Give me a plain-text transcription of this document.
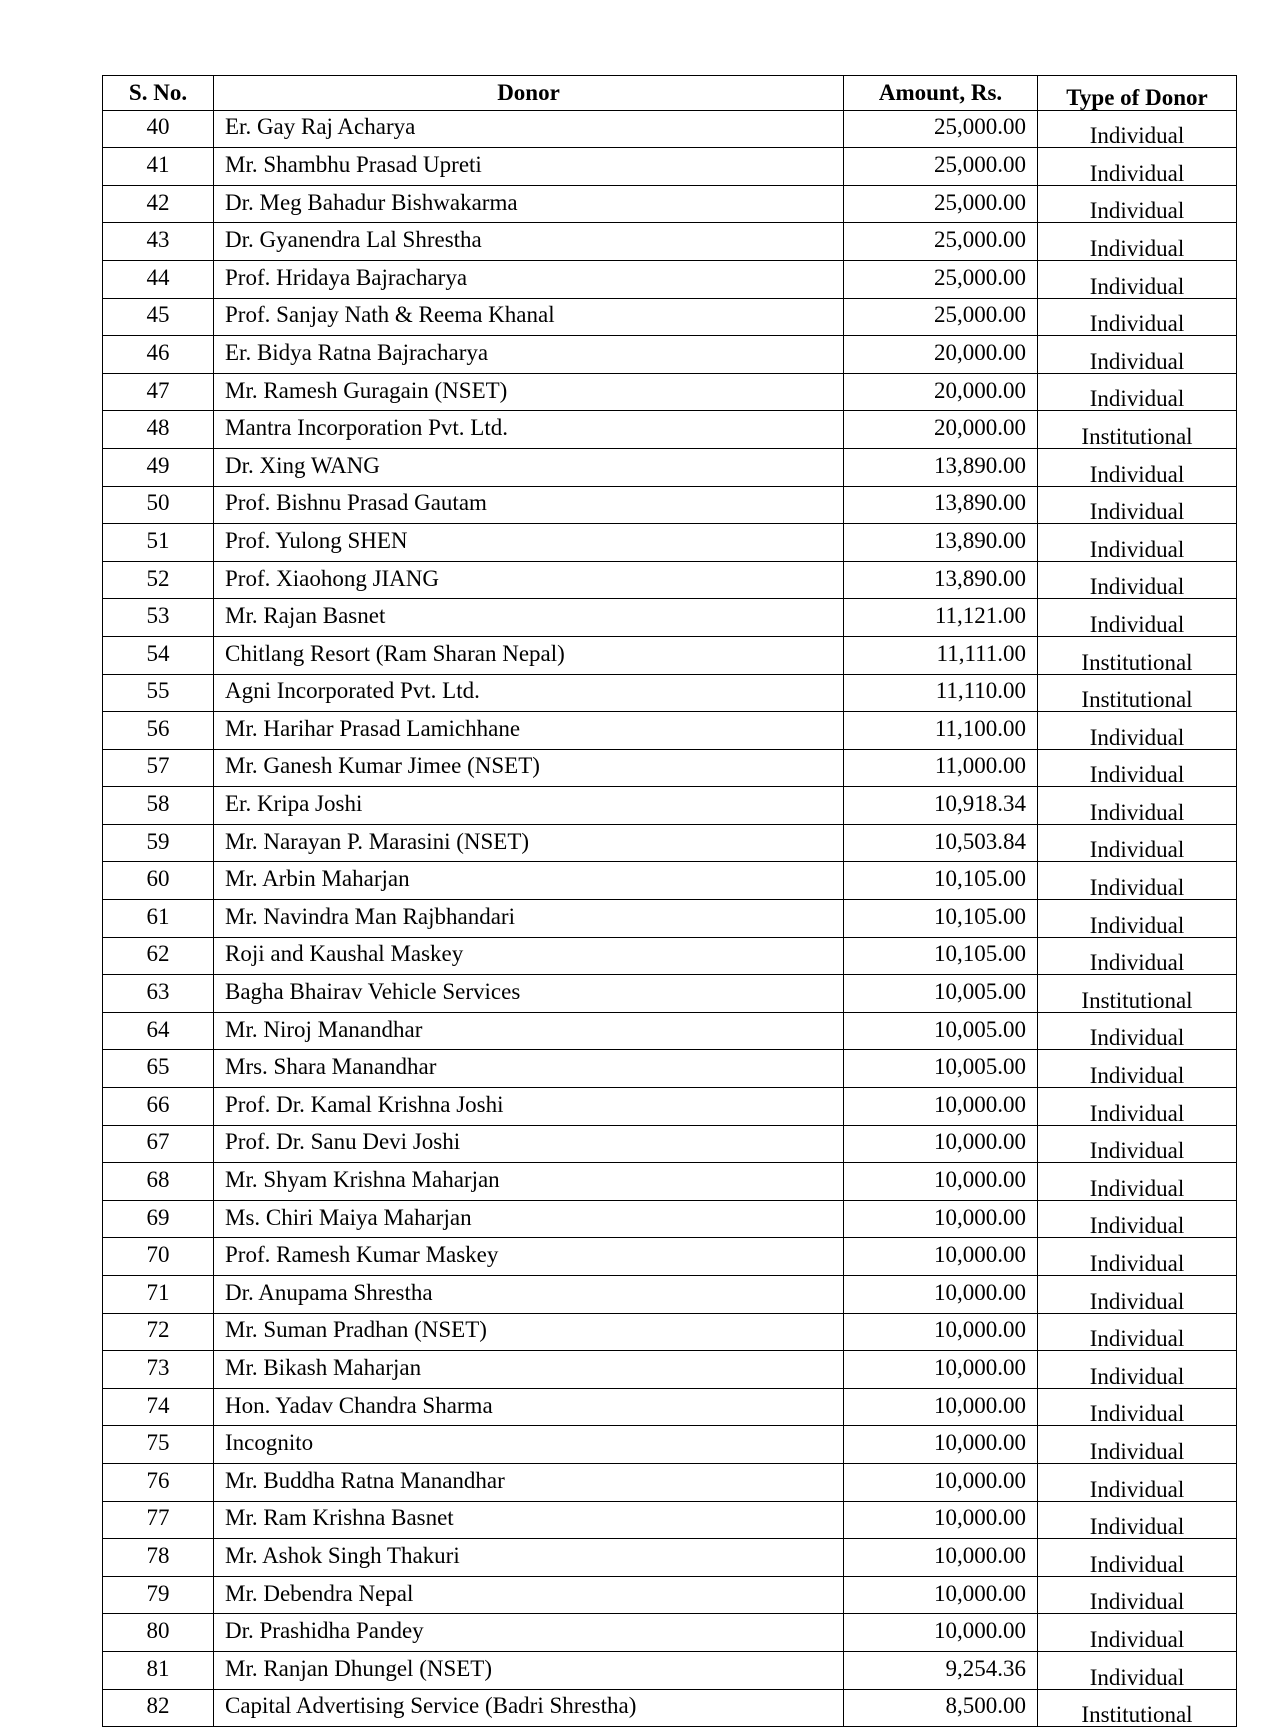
S. No.	Donor	Amount, Rs.	Type of Donor
40	Er. Gay Raj Acharya	25,000.00	Individual
41	Mr. Shambhu Prasad Upreti	25,000.00	Individual
42	Dr. Meg Bahadur Bishwakarma	25,000.00	Individual
43	Dr. Gyanendra Lal Shrestha	25,000.00	Individual
44	Prof. Hridaya Bajracharya	25,000.00	Individual
45	Prof. Sanjay Nath & Reema Khanal	25,000.00	Individual
46	Er. Bidya Ratna Bajracharya	20,000.00	Individual
47	Mr. Ramesh Guragain (NSET)	20,000.00	Individual
48	Mantra Incorporation Pvt. Ltd.	20,000.00	Institutional
49	Dr. Xing WANG	13,890.00	Individual
50	Prof. Bishnu Prasad Gautam	13,890.00	Individual
51	Prof. Yulong SHEN	13,890.00	Individual
52	Prof. Xiaohong JIANG	13,890.00	Individual
53	Mr. Rajan Basnet	11,121.00	Individual
54	Chitlang Resort (Ram Sharan Nepal)	11,111.00	Institutional
55	Agni Incorporated Pvt. Ltd.	11,110.00	Institutional
56	Mr. Harihar Prasad Lamichhane	11,100.00	Individual
57	Mr. Ganesh Kumar Jimee (NSET)	11,000.00	Individual
58	Er. Kripa Joshi	10,918.34	Individual
59	Mr. Narayan P. Marasini (NSET)	10,503.84	Individual
60	Mr. Arbin Maharjan	10,105.00	Individual
61	Mr. Navindra Man Rajbhandari	10,105.00	Individual
62	Roji and Kaushal Maskey	10,105.00	Individual
63	Bagha Bhairav Vehicle Services	10,005.00	Institutional
64	Mr. Niroj Manandhar	10,005.00	Individual
65	Mrs. Shara Manandhar	10,005.00	Individual
66	Prof. Dr. Kamal Krishna Joshi	10,000.00	Individual
67	Prof. Dr. Sanu Devi Joshi	10,000.00	Individual
68	Mr. Shyam Krishna Maharjan	10,000.00	Individual
69	Ms. Chiri Maiya Maharjan	10,000.00	Individual
70	Prof. Ramesh Kumar Maskey	10,000.00	Individual
71	Dr. Anupama Shrestha	10,000.00	Individual
72	Mr. Suman Pradhan (NSET)	10,000.00	Individual
73	Mr. Bikash Maharjan	10,000.00	Individual
74	Hon. Yadav Chandra Sharma	10,000.00	Individual
75	Incognito	10,000.00	Individual
76	Mr. Buddha Ratna Manandhar	10,000.00	Individual
77	Mr. Ram Krishna Basnet	10,000.00	Individual
78	Mr. Ashok Singh Thakuri	10,000.00	Individual
79	Mr. Debendra Nepal	10,000.00	Individual
80	Dr. Prashidha Pandey	10,000.00	Individual
81	Mr. Ranjan Dhungel (NSET)	9,254.36	Individual
82	Capital Advertising Service (Badri Shrestha)	8,500.00	Institutional
